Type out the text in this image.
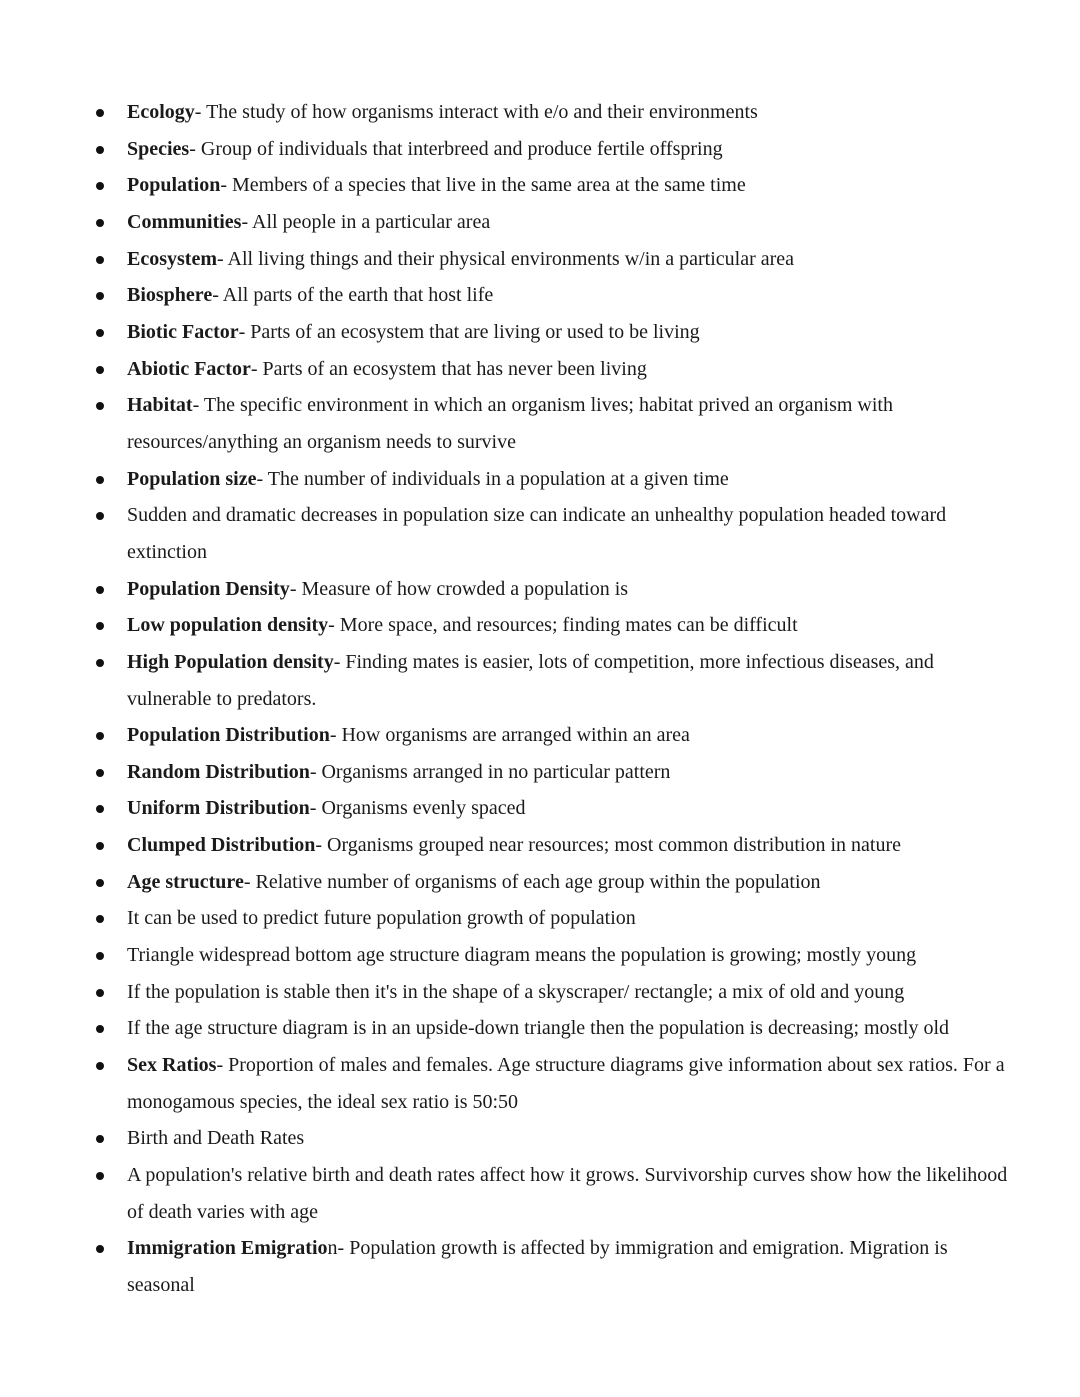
Ecology- The study of how organisms interact with e/o and their environments
Species- Group of individuals that interbreed and produce fertile offspring
Population- Members of a species that live in the same area at the same time
Communities- All people in a particular area
Ecosystem- All living things and their physical environments w/in a particular area
Biosphere- All parts of the earth that host life
Biotic Factor- Parts of an ecosystem that are living or used to be living
Abiotic Factor- Parts of an ecosystem that has never been living
Habitat- The specific environment in which an organism lives; habitat prived an organism with resources/anything an organism needs to survive
Population size- The number of individuals in a population at a given time
Sudden and dramatic decreases in population size can indicate an unhealthy population headed toward extinction
Population Density- Measure of how crowded a population is
Low population density- More space, and resources; finding mates can be difficult
High Population density- Finding mates is easier, lots of competition, more infectious diseases, and vulnerable to predators.
Population Distribution- How organisms are arranged within an area
Random Distribution- Organisms arranged in no particular pattern
Uniform Distribution- Organisms evenly spaced
Clumped Distribution- Organisms grouped near resources; most common distribution in nature
Age structure- Relative number of organisms of each age group within the population
It can be used to predict future population growth of population
Triangle widespread bottom age structure diagram means the population is growing; mostly young
If the population is stable then it's in the shape of a skyscraper/ rectangle; a mix of old and young
If the age structure diagram is in an upside-down triangle then the population is decreasing; mostly old
Sex Ratios- Proportion of males and females. Age structure diagrams give information about sex ratios. For a monogamous species, the ideal sex ratio is 50:50
Birth and Death Rates
A population's relative birth and death rates affect how it grows. Survivorship curves show how the likelihood of death varies with age
Immigration Emigration- Population growth is affected by immigration and emigration. Migration is seasonal
